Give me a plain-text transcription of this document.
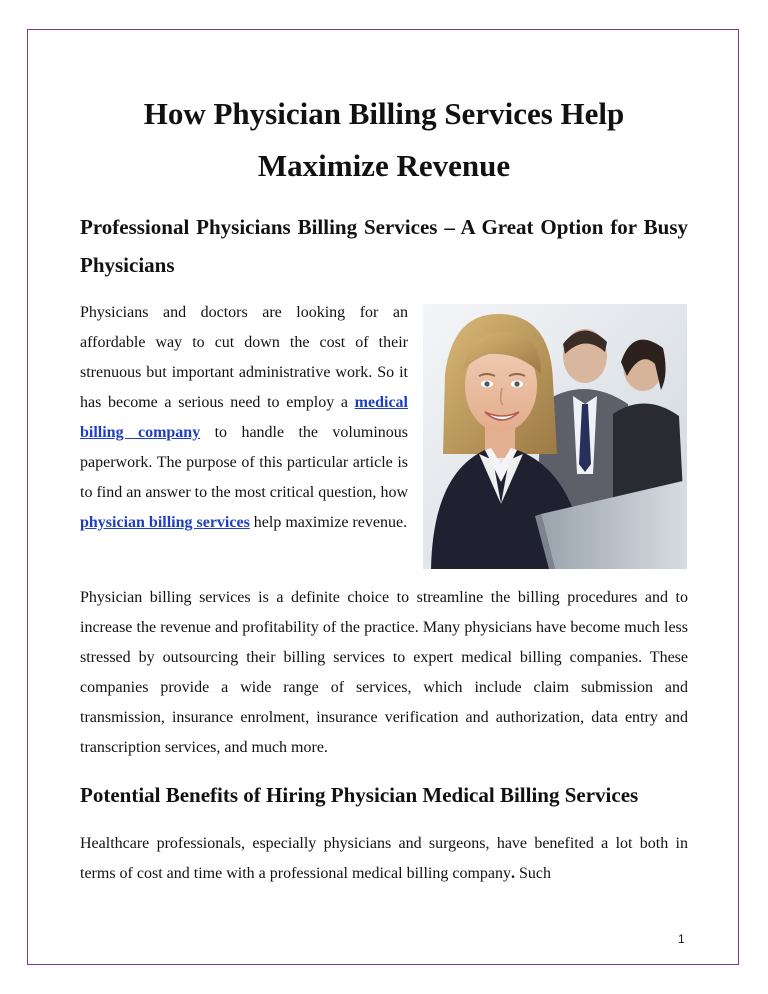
How Physician Billing Services Help Maximize Revenue
Professional Physicians Billing Services – A Great Option for Busy Physicians

Physicians and doctors are looking for an affordable way to cut down the cost of their strenuous but important administrative work. So it has become a serious need to employ a medical billing company to handle the voluminous paperwork. The purpose of this particular article is to find an answer to the most critical question, how physician billing services help maximize revenue.

Physician billing services is a definite choice to streamline the billing procedures and to increase the revenue and profitability of the practice. Many physicians have become much less stressed by outsourcing their billing services to expert medical billing companies. These companies provide a wide range of services, which include claim submission and transmission, insurance enrolment, insurance verification and authorization, data entry and transcription services, and much more.

Potential Benefits of Hiring Physician Medical Billing Services

Healthcare professionals, especially physicians and surgeons, have benefited a lot both in terms of cost and time with a professional medical billing company. Such

1
